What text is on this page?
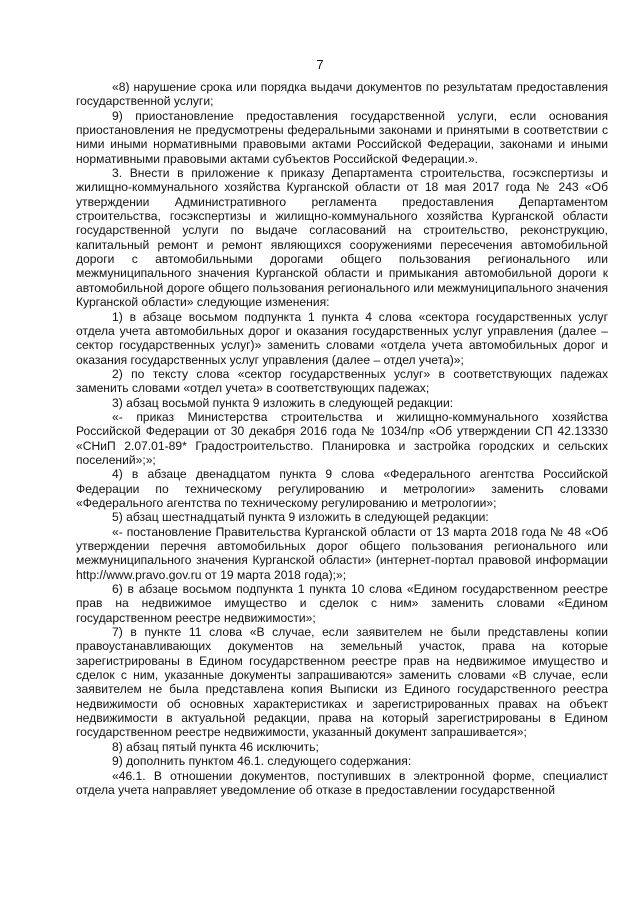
7

«8) нарушение срока или порядка выдачи документов по результатам предоставления государственной услуги;

9) приостановление предоставления государственной услуги, если основания приостановления не предусмотрены федеральными законами и принятыми в соответствии с ними иными нормативными правовыми актами Российской Федерации, законами и иными нормативными правовыми актами субъектов Российской Федерации.».

3. Внести в приложение к приказу Департамента строительства, госэкспертизы и жилищно-коммунального хозяйства Курганской области от 18 мая 2017 года № 243 «Об утверждении Административного регламента предоставления Департаментом строительства, госэкспертизы и жилищно-коммунального хозяйства Курганской области государственной услуги по выдаче согласований на строительство, реконструкцию, капитальный ремонт и ремонт являющихся сооружениями пересечения автомобильной дороги с автомобильными дорогами общего пользования регионального или межмуниципального значения Курганской области и примыкания автомобильной дороги к автомобильной дороге общего пользования регионального или межмуниципального значения Курганской области» следующие изменения:

1) в абзаце восьмом подпункта 1 пункта 4 слова «сектора государственных услуг отдела учета автомобильных дорог и оказания государственных услуг управления (далее – сектор государственных услуг)» заменить словами «отдела учета автомобильных дорог и оказания государственных услуг управления (далее – отдел учета)»;

2) по тексту слова «сектор государственных услуг» в соответствующих падежах заменить словами «отдел учета» в соответствующих падежах;

3) абзац восьмой пункта 9 изложить в следующей редакции:

«- приказ Министерства строительства и жилищно-коммунального хозяйства Российской Федерации от 30 декабря 2016 года № 1034/пр «Об утверждении СП 42.13330 «СНиП 2.07.01-89* Градостроительство. Планировка и застройка городских и сельских поселений»;»;

4) в абзаце двенадцатом пункта 9 слова «Федерального агентства Российской Федерации по техническому регулированию и метрологии» заменить словами «Федерального агентства по техническому регулированию и метрологии»;

5) абзац шестнадцатый пункта 9 изложить в следующей редакции:

«- постановление Правительства Курганской области от 13 марта 2018 года № 48 «Об утверждении перечня автомобильных дорог общего пользования регионального или межмуниципального значения Курганской области» (интернет-портал правовой информации http://www.pravo.gov.ru от 19 марта 2018 года);»;

6) в абзаце восьмом подпункта 1 пункта 10 слова «Едином государственном реестре прав на недвижимое имущество и сделок с ним» заменить словами «Едином государственном реестре недвижимости»;

7) в пункте 11 слова «В случае, если заявителем не были представлены копии правоустанавливающих документов на земельный участок, права на которые зарегистрированы в Едином государственном реестре прав на недвижимое имущество и сделок с ним, указанные документы запрашиваются» заменить словами «В случае, если заявителем не была представлена копия Выписки из Единого государственного реестра недвижимости об основных характеристиках и зарегистрированных правах на объект недвижимости в актуальной редакции, права на который зарегистрированы в Едином государственном реестре недвижимости, указанный документ запрашивается»;

8) абзац пятый пункта 46 исключить;

9) дополнить пунктом 46.1. следующего содержания:

«46.1. В отношении документов, поступивших в электронной форме, специалист отдела учета направляет уведомление об отказе в предоставлении государственной
